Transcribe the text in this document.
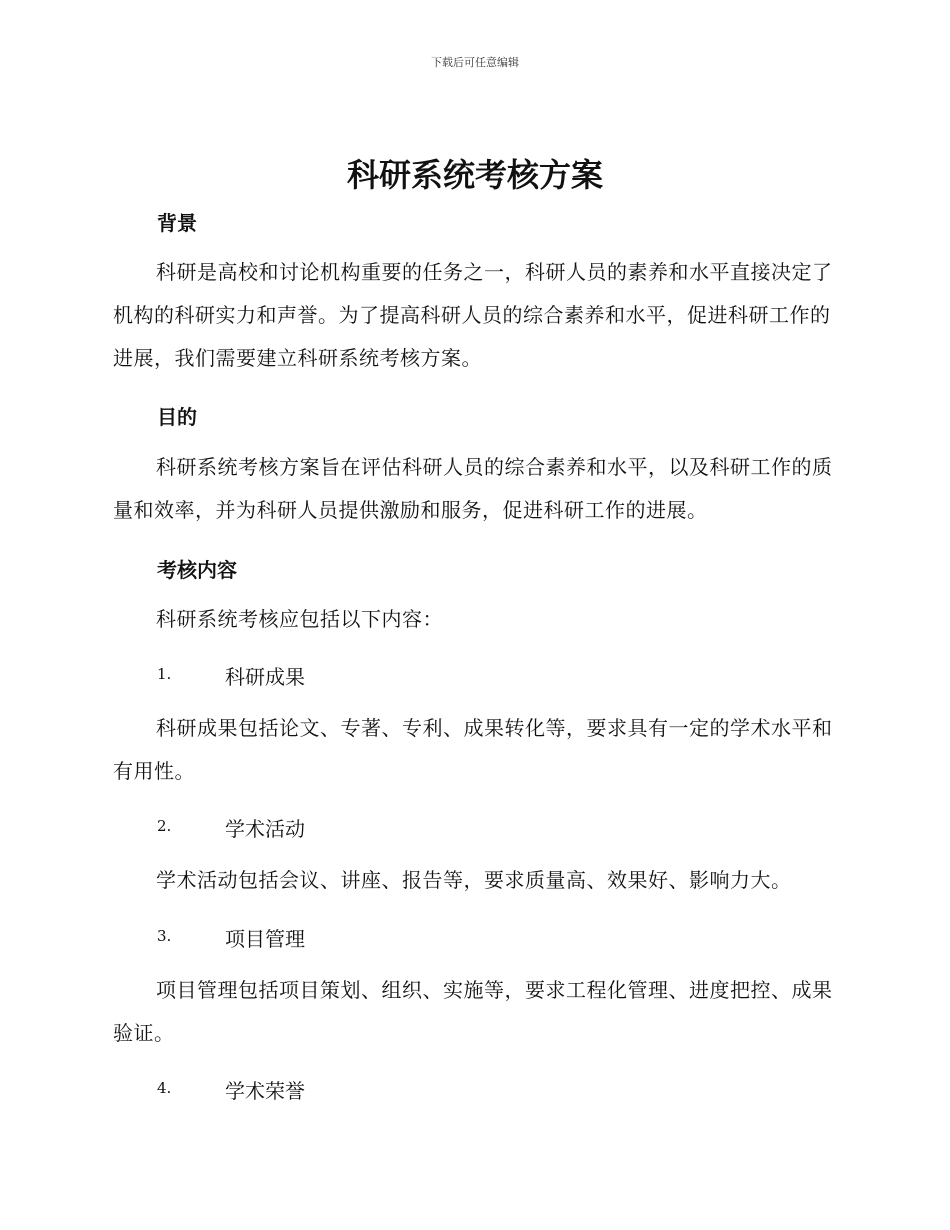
下载后可任意编辑
科研系统考核方案
背景

科研是高校和讨论机构重要的任务之一，科研人员的素养和水平直接决定了机构的科研实力和声誉。为了提高科研人员的综合素养和水平，促进科研工作的进展，我们需要建立科研系统考核方案。

目的

科研系统考核方案旨在评估科研人员的综合素养和水平，以及科研工作的质量和效率，并为科研人员提供激励和服务，促进科研工作的进展。

考核内容

科研系统考核应包括以下内容：

1.	科研成果

科研成果包括论文、专著、专利、成果转化等，要求具有一定的学术水平和有用性。

2.	学术活动

学术活动包括会议、讲座、报告等，要求质量高、效果好、影响力大。

3.	项目管理

项目管理包括项目策划、组织、实施等，要求工程化管理、进度把控、成果验证。

4.	学术荣誉
